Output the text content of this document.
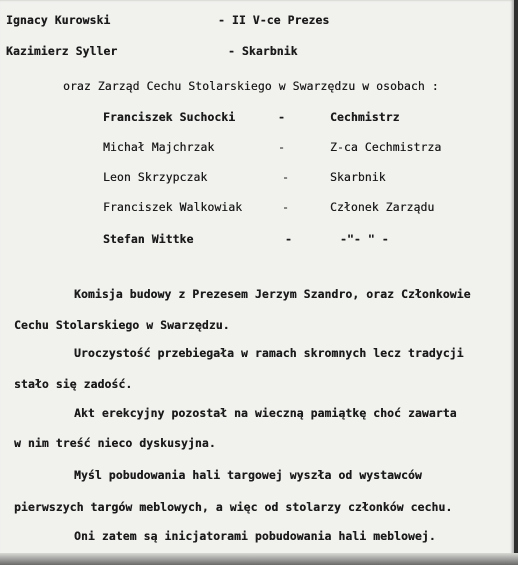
Ignacy Kurowski	- II V-ce Prezes
Kazimierz Syller	- Skarbnik
oraz Zarząd Cechu Stolarskiego w Swarzędzu w osobach :
Franciszek Suchocki	-	Cechmistrz
Michał Majchrzak	-	Z-ca Cechmistrza
Leon Skrzypczak	-	Skarbnik
Franciszek Walkowiak	-	Członek Zarządu
Stefan Wittke	-	-"- " -
Komisja budowy z Prezesem Jerzym Szandro, oraz Członkowie
Cechu Stolarskiego w Swarzędzu.
Uroczystość przebiegała w ramach skromnych lecz tradycji
stało się zadość.
Akt erekcyjny pozostał na wieczną pamiątkę choć zawarta
w nim treść nieco dyskusyjna.
Myśl pobudowania hali targowej wyszła od wystawców
pierwszych targów meblowych, a więc od stolarzy członków cechu.
Oni zatem są inicjatorami pobudowania hali meblowej.
